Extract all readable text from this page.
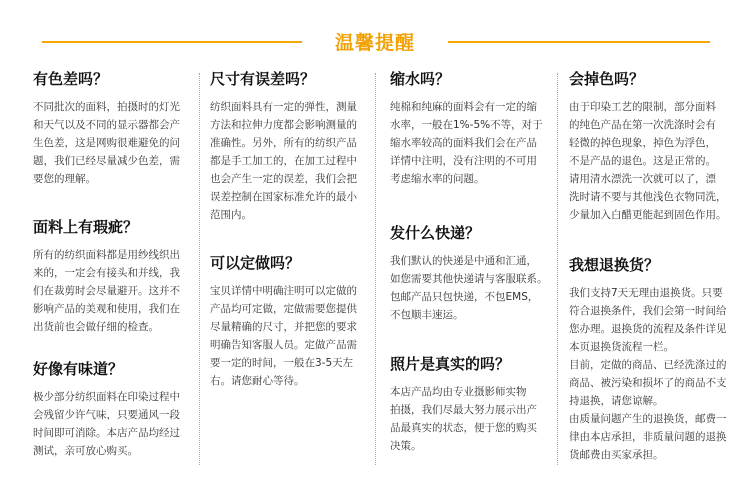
温馨提醒
有色差吗？

不同批次的面料，拍摄时的灯光

和天气以及不同的显示器都会产

生色差，这是网购很难避免的问

题，我们已经尽量减少色差，需

要您的理解。

面料上有瑕疵？

所有的纺织面料都是用纱线织出

来的，一定会有接头和并线，我

们在裁剪时会尽量避开。这并不

影响产品的美观和使用，我们在

出货前也会做仔细的检查。

好像有味道？

极少部分纺织面料在印染过程中

会残留少许气味，只要通风一段

时间即可消除。本店产品均经过

测试，亲可放心购买。

尺寸有误差吗？

纺织面料具有一定的弹性，测量

方法和拉伸力度都会影响测量的

准确性。另外，所有的纺织产品

都是手工加工的，在加工过程中

也会产生一定的误差，我们会把

误差控制在国家标准允许的最小

范围内。

可以定做吗？

宝贝详情中明确注明可以定做的

产品均可定做，定做需要您提供

尽量精确的尺寸，并把您的要求

明确告知客服人员。定做产品需

要一定的时间，一般在3-5天左

右。请您耐心等待。

缩水吗？

纯棉和纯麻的面料会有一定的缩

水率，一般在1%-5%不等，对于

缩水率较高的面料我们会在产品

详情中注明，没有注明的不可用

考虑缩水率的问题。

发什么快递？

我们默认的快递是中通和汇通，

如您需要其他快递请与客服联系。

包邮产品只包快递，不包EMS，

不包顺丰速运。

照片是真实的吗？

本店产品均由专业摄影师实物

拍摄，我们尽最大努力展示出产

品最真实的状态，便于您的购买

决策。

会掉色吗？

由于印染工艺的限制，部分面料

的纯色产品在第一次洗涤时会有

轻微的掉色现象，掉色为浮色，

不是产品的退色。这是正常的。

请用清水漂洗一次就可以了，漂

洗时请不要与其他浅色衣物同洗，

少量加入白醋更能起到固色作用。

我想退换货？

我们支持7天无理由退换货。只要

符合退换条件，我们会第一时间给

您办理。退换货的流程及条件详见

本页退换货流程一栏。

目前，定做的商品、已经洗涤过的

商品、被污染和损坏了的商品不支

持退换，请您谅解。

由质量问题产生的退换货，邮费一

律由本店承担，非质量问题的退换

货邮费由买家承担。
